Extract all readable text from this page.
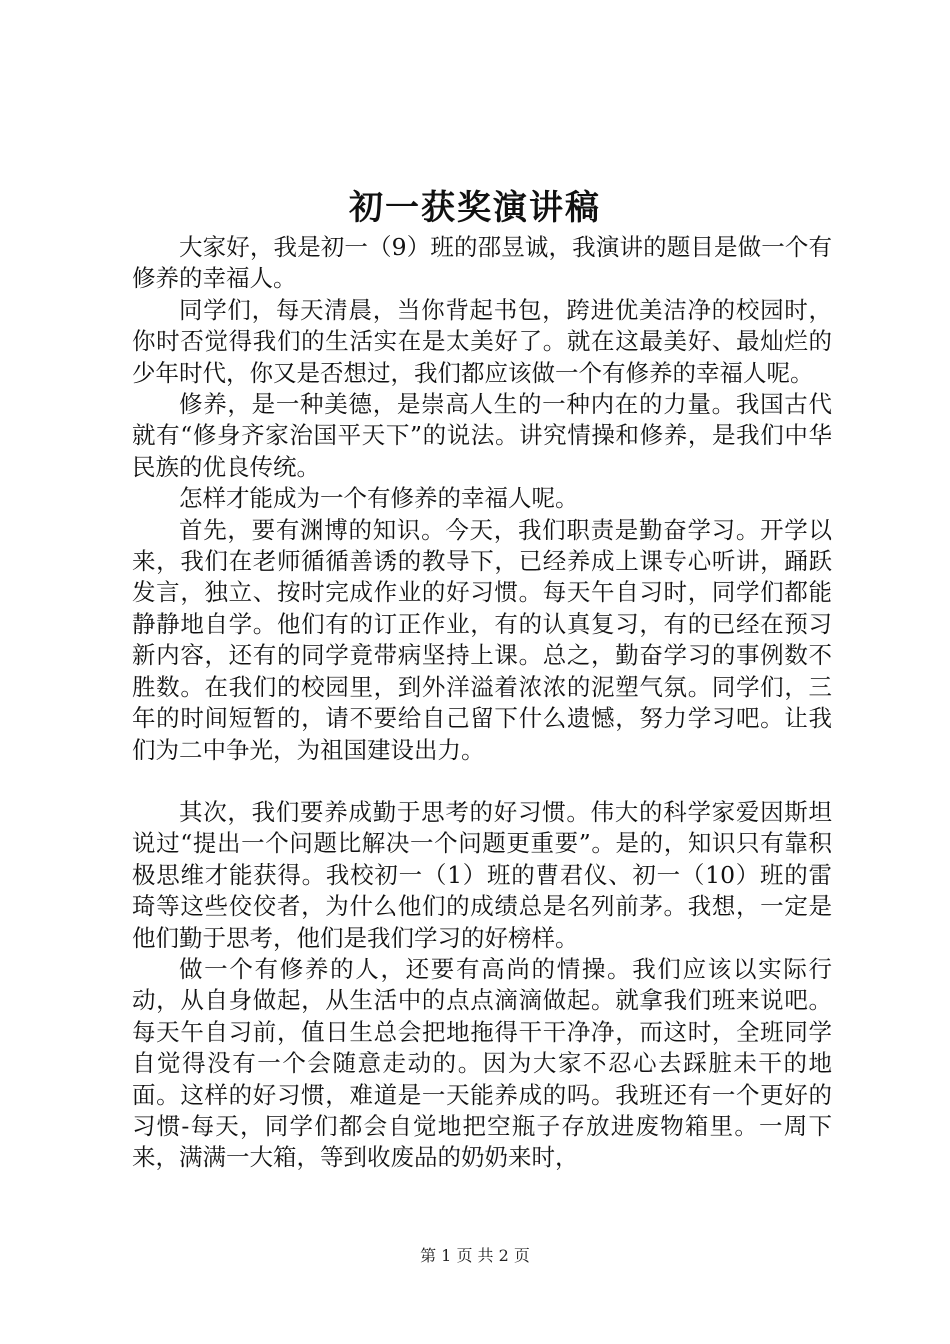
初一获奖演讲稿

大家好，我是初一（9）班的邵昱诚，我演讲的题目是做一个有修养的幸福人。

同学们，每天清晨，当你背起书包，跨进优美洁净的校园时，你时否觉得我们的生活实在是太美好了。就在这最美好、最灿烂的少年时代，你又是否想过，我们都应该做一个有修养的幸福人呢。

修养，是一种美德，是崇高人生的一种内在的力量。我国古代就有“修身齐家治国平天下”的说法。讲究情操和修养，是我们中华民族的优良传统。

怎样才能成为一个有修养的幸福人呢。

首先，要有渊博的知识。今天，我们职责是勤奋学习。开学以来，我们在老师循循善诱的教导下，已经养成上课专心听讲，踊跃发言，独立、按时完成作业的好习惯。每天午自习时，同学们都能静静地自学。他们有的订正作业，有的认真复习，有的已经在预习新内容，还有的同学竟带病坚持上课。总之，勤奋学习的事例数不胜数。在我们的校园里，到外洋溢着浓浓的泥塑气氛。同学们，三年的时间短暂的，请不要给自己留下什么遗憾，努力学习吧。让我们为二中争光，为祖国建设出力。

其次，我们要养成勤于思考的好习惯。伟大的科学家爱因斯坦说过“提出一个问题比解决一个问题更重要”。是的，知识只有靠积极思维才能获得。我校初一（1）班的曹君仪、初一（10）班的雷琦等这些佼佼者，为什么他们的成绩总是名列前茅。我想，一定是他们勤于思考，他们是我们学习的好榜样。

做一个有修养的人，还要有高尚的情操。我们应该以实际行动，从自身做起，从生活中的点点滴滴做起。就拿我们班来说吧。每天午自习前，值日生总会把地拖得干干净净，而这时，全班同学自觉得没有一个会随意走动的。因为大家不忍心去踩脏未干的地面。这样的好习惯，难道是一天能养成的吗。我班还有一个更好的习惯-每天，同学们都会自觉地把空瓶子存放进废物箱里。一周下来，满满一大箱，等到收废品的奶奶来时，

第 1 页 共 2 页
